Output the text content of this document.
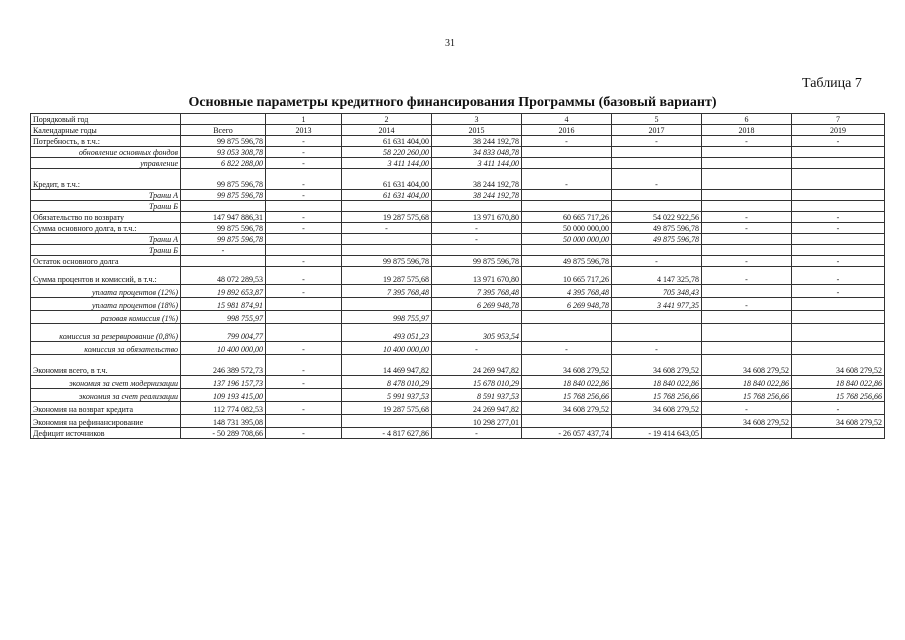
31
Таблица 7
Основные параметры кредитного финансирования Программы (базовый вариант)
Порядковый год		1	2	3	4	5	6	7
Календарные годы	Всего	2013	2014	2015	2016	2017	2018	2019
Потребность, в т.ч.:	99 875 596,78	-	61 631 404,00	38 244 192,78	-	-	-	-
обновление основных фондов	93 053 308,78	-	58 220 260,00	34 833 048,78				
управление	6 822 288,00	-	3 411 144,00	3 411 144,00				
Кредит, в т.ч.:	99 875 596,78	-	61 631 404,00	38 244 192,78	-	-		
Транш А	99 875 596,78	-	61 631 404,00	38 244 192,78				
Транш Б								
Обязательство по возврату	147 947 886,31	-	19 287 575,68	13 971 670,80	60 665 717,26	54 022 922,56	-	-
Сумма основного долга, в т.ч.:	99 875 596,78	-	-	-	50 000 000,00	49 875 596,78	-	-
Транш А	99 875 596,78			-	50 000 000,00	49 875 596,78		
Транш Б	-							
Остаток основного долга		-	99 875 596,78	99 875 596,78	49 875 596,78	-	-	-
Сумма процентов и комиссий, в т.ч.:	48 072 289,53	-	19 287 575,68	13 971 670,80	10 665 717,26	4 147 325,78	-	-
уплата процентов (12%)	19 892 653,87	-	7 395 768,48	7 395 768,48	4 395 768,48	705 348,43		-
уплата процентов (18%)	15 981 874,91			6 269 948,78	6 269 948,78	3 441 977,35	-	
разовая комиссия (1%)	998 755,97		998 755,97					
комиссия за резервирование (0,8%)	799 004,77		493 051,23	305 953,54				
комиссия за обязательство	10 400 000,00	-	10 400 000,00	-	-	-		
Экономия всего, в т.ч.	246 389 572,73	-	14 469 947,82	24 269 947,82	34 608 279,52	34 608 279,52	34 608 279,52	34 608 279,52
экономия за счет модернизации	137 196 157,73	-	8 478 010,29	15 678 010,29	18 840 022,86	18 840 022,86	18 840 022,86	18 840 022,86
экономия за счет реализации	109 193 415,00		5 991 937,53	8 591 937,53	15 768 256,66	15 768 256,66	15 768 256,66	15 768 256,66
Экономия на возврат кредита	112 774 082,53	-	19 287 575,68	24 269 947,82	34 608 279,52	34 608 279,52	-	-
Экономия на рефинансирование	148 731 395,08			10 298 277,01			34 608 279,52	34 608 279,52
Дефицит источников	- 50 289 708,66	-	- 4 817 627,86	-	- 26 057 437,74	- 19 414 643,05		
